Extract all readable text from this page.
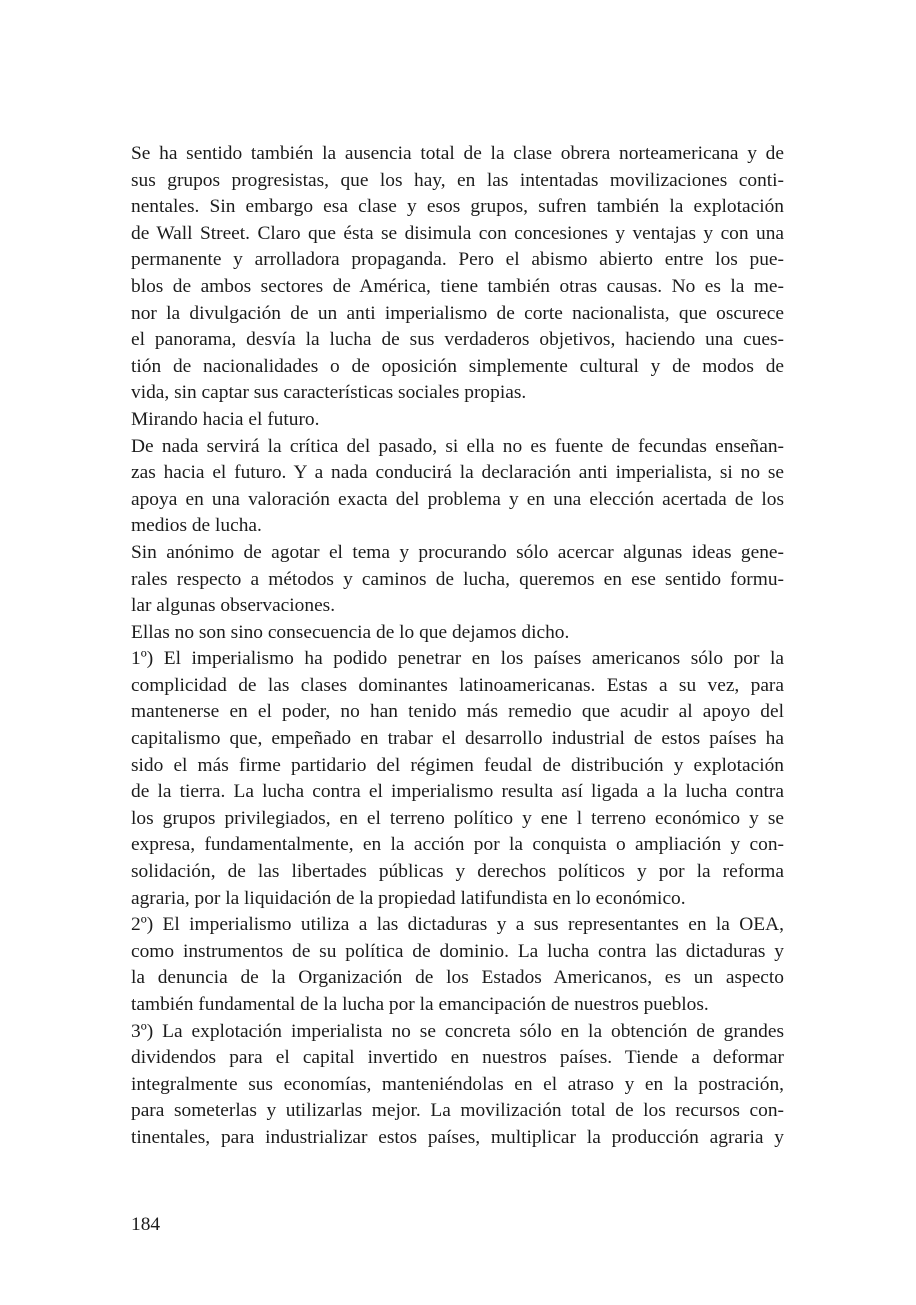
Se ha sentido también la ausencia total de la clase obrera norteamericana y de
sus grupos progresistas, que los hay, en las intentadas movilizaciones conti-
nentales. Sin embargo esa clase y esos grupos, sufren también la explotación
de Wall Street. Claro que ésta se disimula con concesiones y ventajas y con una
permanente y arrolladora propaganda. Pero el abismo abierto entre los pue-
blos de ambos sectores de América, tiene también otras causas. No es la me-
nor la divulgación de un anti imperialismo de corte nacionalista, que oscurece
el panorama, desvía la lucha de sus verdaderos objetivos, haciendo una cues-
tión de nacionalidades o de oposición simplemente cultural y de modos de
vida, sin captar sus características sociales propias.
Mirando hacia el futuro.
De nada servirá la crítica del pasado, si ella no es fuente de fecundas enseñan-
zas hacia el futuro. Y a nada conducirá la declaración anti imperialista, si no se
apoya en una valoración exacta del problema y en una elección acertada de los
medios de lucha.
Sin anónimo de agotar el tema y procurando sólo acercar algunas ideas gene-
rales respecto a métodos y caminos de lucha, queremos en ese sentido formu-
lar algunas observaciones.
Ellas no son sino consecuencia de lo que dejamos dicho.
1º) El imperialismo ha podido penetrar en los países americanos sólo por la
complicidad de las clases dominantes latinoamericanas. Estas a su vez, para
mantenerse en el poder, no han tenido más remedio que acudir al apoyo del
capitalismo que, empeñado en trabar el desarrollo industrial de estos países ha
sido el más firme partidario del régimen feudal de distribución y explotación
de la tierra. La lucha contra el imperialismo resulta así ligada a la lucha contra
los grupos privilegiados, en el terreno político y ene l terreno económico y se
expresa, fundamentalmente, en la acción por la conquista o ampliación y con-
solidación, de las libertades públicas y derechos políticos y por la reforma
agraria, por la liquidación de la propiedad latifundista en lo económico.
2º) El imperialismo utiliza a las dictaduras y a sus representantes en la OEA,
como instrumentos de su política de dominio. La lucha contra las dictaduras y
la denuncia de la Organización de los Estados Americanos, es un aspecto
también fundamental de la lucha por la emancipación de nuestros pueblos.
3º) La explotación imperialista no se concreta sólo en la obtención de grandes
dividendos para el capital invertido en nuestros países. Tiende a deformar
integralmente sus economías, manteniéndolas en el atraso y en la postración,
para someterlas y utilizarlas mejor. La movilización total de los recursos con-
tinentales, para industrializar estos países, multiplicar la producción agraria y
184
